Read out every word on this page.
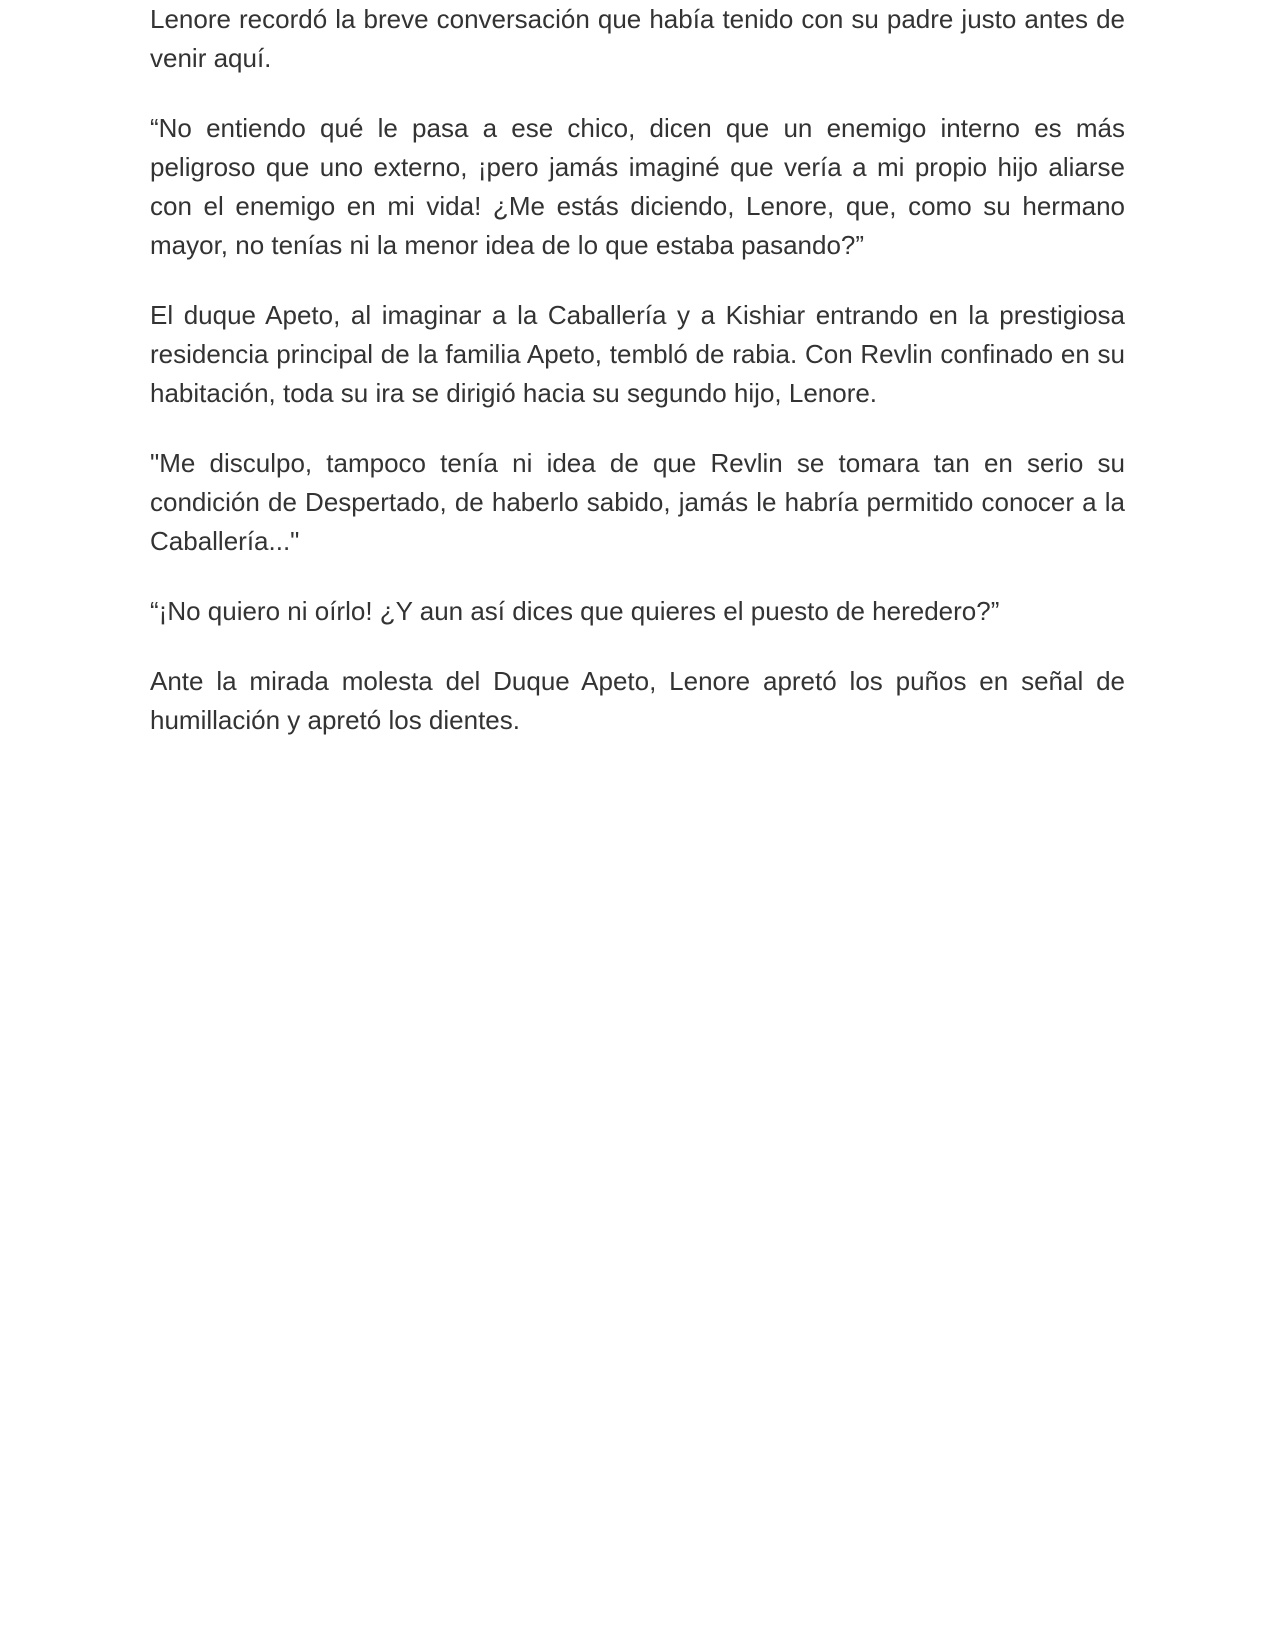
Lenore recordó la breve conversación que había tenido con su padre justo antes de venir aquí.

“No entiendo qué le pasa a ese chico, dicen que un enemigo interno es más peligroso que uno externo, ¡pero jamás imaginé que vería a mi propio hijo aliarse con el enemigo en mi vida! ¿Me estás diciendo, Lenore, que, como su hermano mayor, no tenías ni la menor idea de lo que estaba pasando?”

El duque Apeto, al imaginar a la Caballería y a Kishiar entrando en la prestigiosa residencia principal de la familia Apeto, tembló de rabia. Con Revlin confinado en su habitación, toda su ira se dirigió hacia su segundo hijo, Lenore.

"Me disculpo, tampoco tenía ni idea de que Revlin se tomara tan en serio su condición de Despertado, de haberlo sabido, jamás le habría permitido conocer a la Caballería..."

“¡No quiero ni oírlo! ¿Y aun así dices que quieres el puesto de heredero?”

Ante la mirada molesta del Duque Apeto, Lenore apretó los puños en señal de humillación y apretó los dientes.
